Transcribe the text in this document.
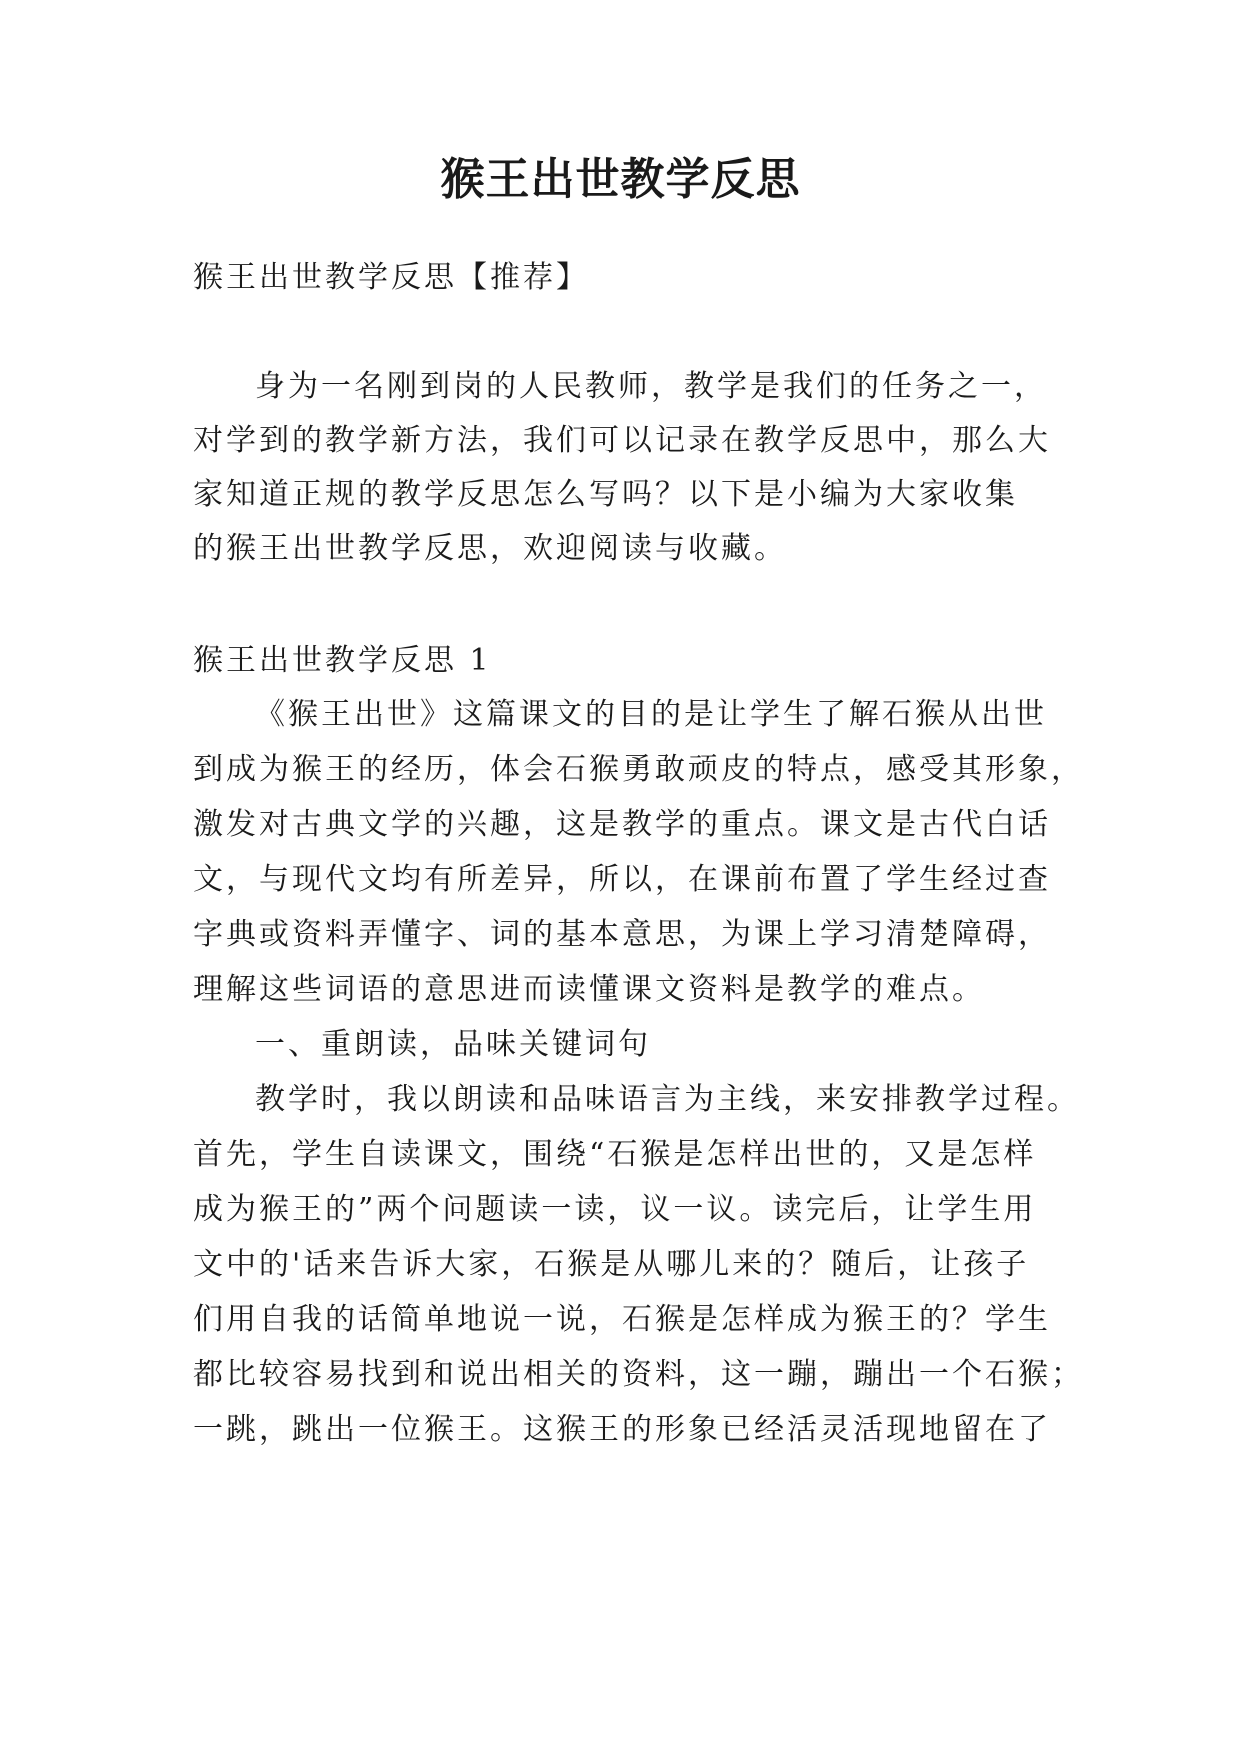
猴王出世教学反思
猴王出世教学反思【推荐】
身为一名刚到岗的人民教师，教学是我们的任务之一，
对学到的教学新方法，我们可以记录在教学反思中，那么大
家知道正规的教学反思怎么写吗？以下是小编为大家收集
的猴王出世教学反思，欢迎阅读与收藏。
猴王出世教学反思 1
《猴王出世》这篇课文的目的是让学生了解石猴从出世
到成为猴王的经历，体会石猴勇敢顽皮的特点，感受其形象，
激发对古典文学的兴趣，这是教学的重点。课文是古代白话
文，与现代文均有所差异，所以，在课前布置了学生经过查
字典或资料弄懂字、词的基本意思，为课上学习清楚障碍，
理解这些词语的意思进而读懂课文资料是教学的难点。
一、重朗读，品味关键词句
教学时，我以朗读和品味语言为主线，来安排教学过程。
首先，学生自读课文，围绕“石猴是怎样出世的，又是怎样
成为猴王的”两个问题读一读，议一议。读完后，让学生用
文中的'话来告诉大家，石猴是从哪儿来的？随后，让孩子
们用自我的话简单地说一说，石猴是怎样成为猴王的？学生
都比较容易找到和说出相关的资料，这一蹦，蹦出一个石猴；
一跳，跳出一位猴王。这猴王的形象已经活灵活现地留在了
